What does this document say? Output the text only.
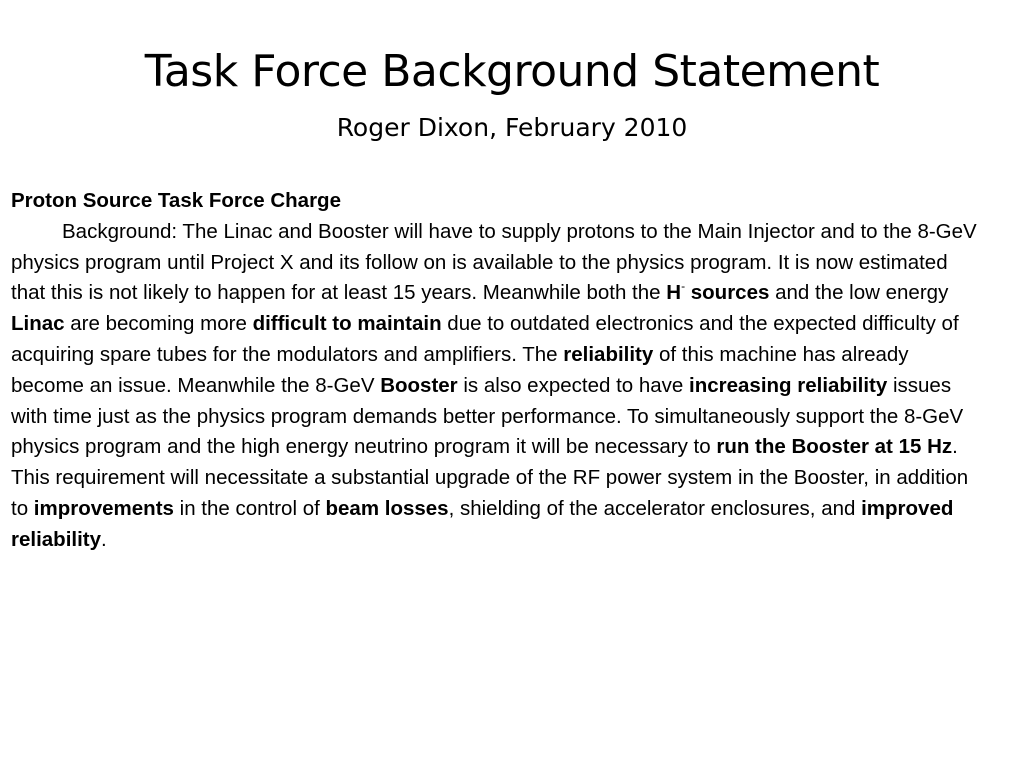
Task Force Background Statement
Roger Dixon, February 2010

Proton Source Task Force Charge

Background: The Linac and Booster will have to supply protons to the Main Injector and to the 8-GeV physics program until Project X and its follow on is available to the physics program. It is now estimated that this is not likely to happen for at least 15 years. Meanwhile both the H- sources and the low energy Linac are becoming more difficult to maintain due to outdated electronics and the expected difficulty of acquiring spare tubes for the modulators and amplifiers. The reliability of this machine has already become an issue. Meanwhile the 8-GeV Booster is also expected to have increasing reliability issues with time just as the physics program demands better performance. To simultaneously support the 8-GeV physics program and the high energy neutrino program it will be necessary to run the Booster at 15 Hz. This requirement will necessitate a substantial upgrade of the RF power system in the Booster, in addition to improvements in the control of beam losses, shielding of the accelerator enclosures, and improved reliability.
